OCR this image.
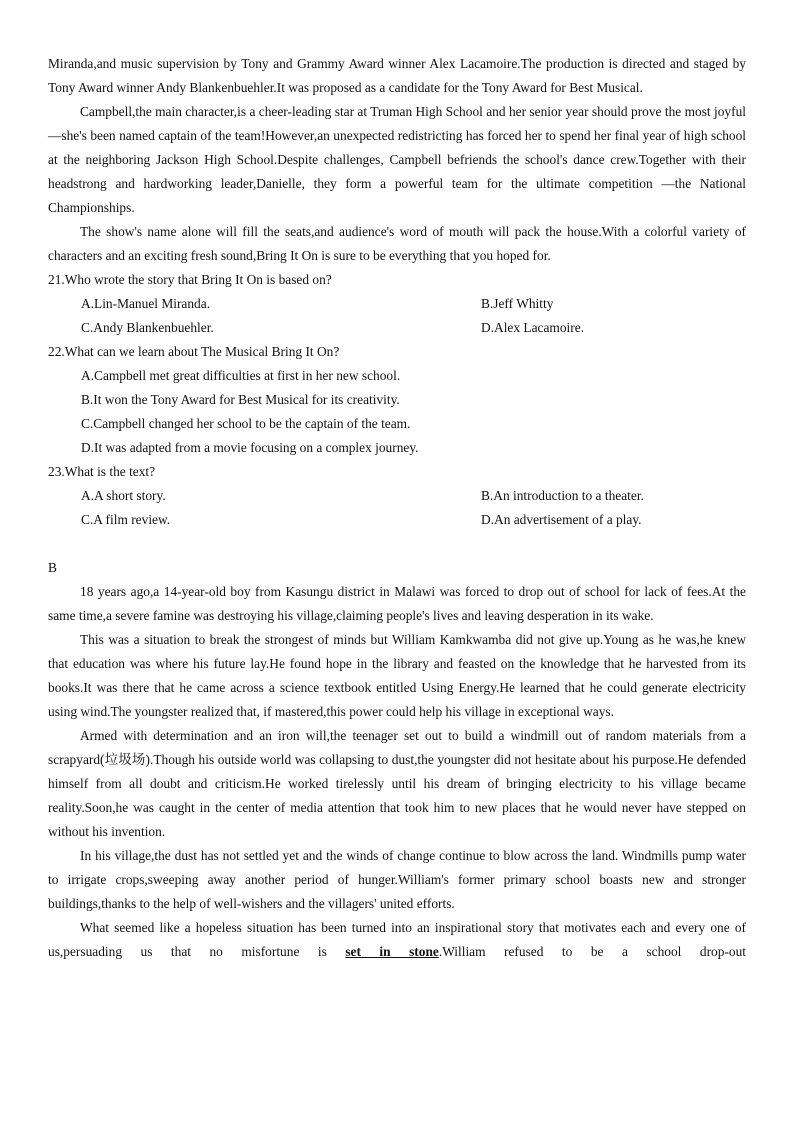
Miranda,and music supervision by Tony and Grammy Award winner Alex Lacamoire.The production is directed and staged by Tony Award winner Andy Blankenbuehler.It was proposed as a candidate for the Tony Award for Best Musical.

Campbell,the main character,is a cheer-leading star at Truman High School and her senior year should prove the most joyful —she's been named captain of the team!However,an unexpected redistricting has forced her to spend her final year of high school at the neighboring Jackson High School.Despite challenges, Campbell befriends the school's dance crew.Together with their headstrong and hardworking leader,Danielle, they form a powerful team for the ultimate competition —the National Championships.

The show's name alone will fill the seats,and audience's word of mouth will pack the house.With a colorful variety of characters and an exciting fresh sound,Bring It On is sure to be everything that you hoped for.

21.Who wrote the story that Bring It On is based on?

A.Lin-Manuel Miranda.	B.Jeff Whitty
C.Andy Blankenbuehler.	D.Alex Lacamoire.

22.What can we learn about The Musical Bring It On?

A.Campbell met great difficulties at first in her new school.
B.It won the Tony Award for Best Musical for its creativity.
C.Campbell changed her school to be the captain of the team.
D.It was adapted from a movie focusing on a complex journey.

23.What is the text?

A.A short story.	B.An introduction to a theater.
C.A film review.	D.An advertisement of a play.

B

18 years ago,a 14-year-old boy from Kasungu district in Malawi was forced to drop out of school for lack of fees.At the same time,a severe famine was destroying his village,claiming people's lives and leaving desperation in its wake.

This was a situation to break the strongest of minds but William Kamkwamba did not give up.Young as he was,he knew that education was where his future lay.He found hope in the library and feasted on the knowledge that he harvested from its books.It was there that he came across a science textbook entitled Using Energy.He learned that he could generate electricity using wind.The youngster realized that, if mastered,this power could help his village in exceptional ways.

Armed with determination and an iron will,the teenager set out to build a windmill out of random materials from a scrapyard(垃圾场).Though his outside world was collapsing to dust,the youngster did not hesitate about his purpose.He defended himself from all doubt and criticism.He worked tirelessly until his dream of bringing electricity to his village became reality.Soon,he was caught in the center of media attention that took him to new places that he would never have stepped on without his invention.

In his village,the dust has not settled yet and the winds of change continue to blow across the land. Windmills pump water to irrigate crops,sweeping away another period of hunger.William's former primary school boasts new and stronger buildings,thanks to the help of well-wishers and the villagers' united efforts.

What seemed like a hopeless situation has been turned into an inspirational story that motivates each and every one of us,persuading us that no misfortune is set in stone.William refused to be a school drop-out
